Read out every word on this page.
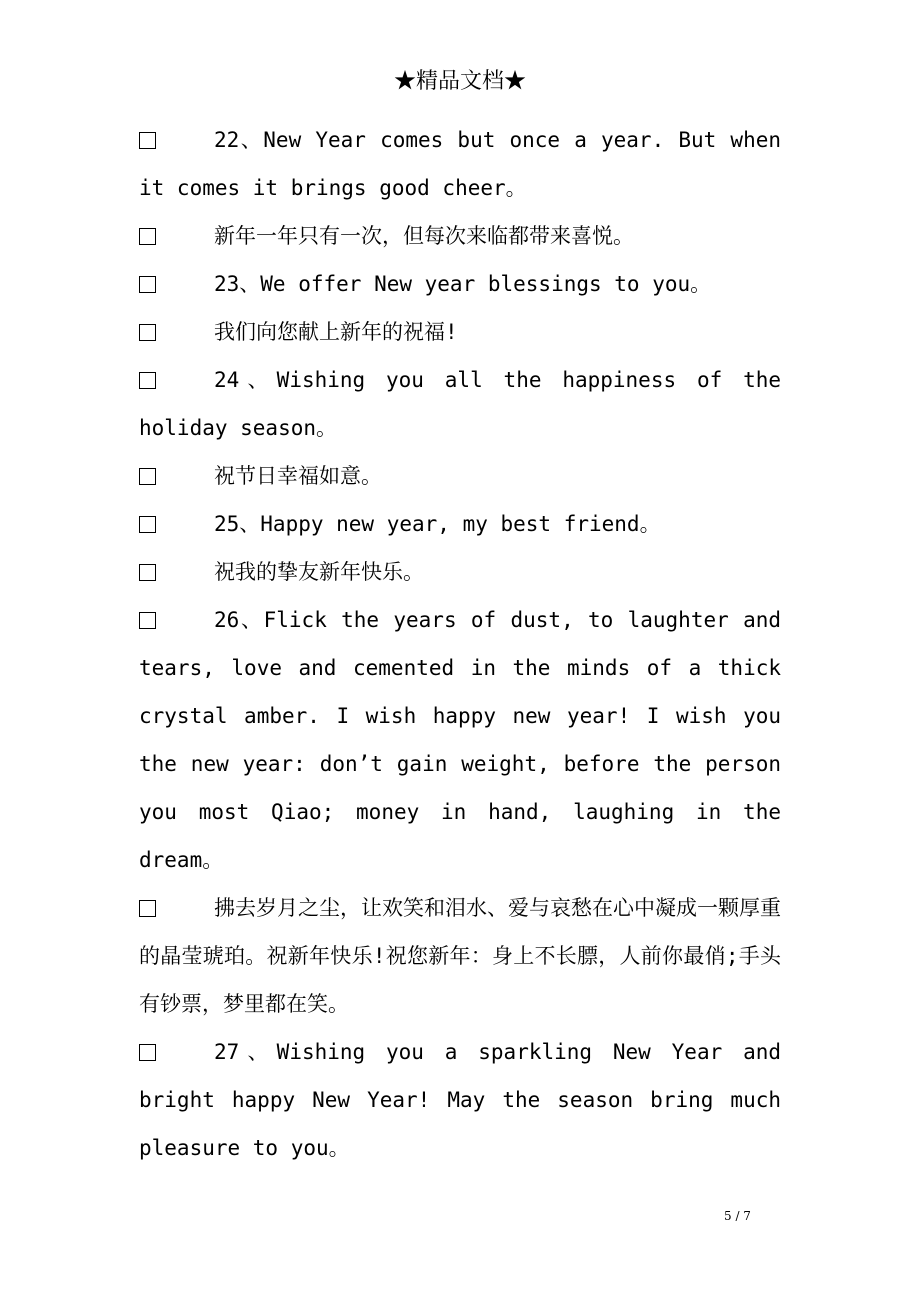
★精品文档★

22、New Year comes but once a year. But when it comes it brings good cheer。

新年一年只有一次，但每次来临都带来喜悦。

23、We offer New year blessings to you。

我们向您献上新年的祝福!

24、Wishing you all the happiness of the holiday season。

祝节日幸福如意。

25、Happy new year, my best friend。

祝我的挚友新年快乐。

26、Flick the years of dust, to laughter and tears, love and cemented in the minds of a thick crystal amber. I wish happy new year! I wish you the new year: don’t gain weight, before the person you most Qiao; money in hand, laughing in the dream。

拂去岁月之尘，让欢笑和泪水、爱与哀愁在心中凝成一颗厚重的晶莹琥珀。祝新年快乐!祝您新年：身上不长膘，人前你最俏;手头有钞票，梦里都在笑。

27、Wishing you a sparkling New Year and bright happy New Year! May the season bring much pleasure to you。

5 / 7
